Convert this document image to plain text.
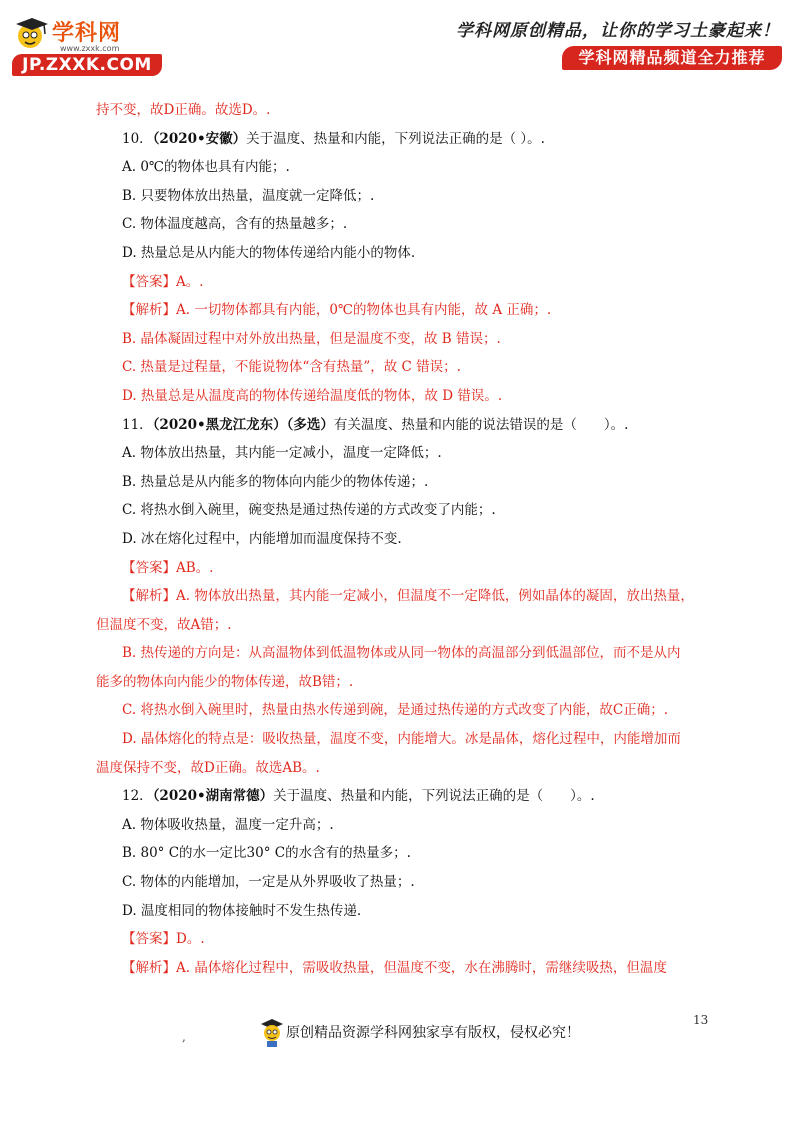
学科网
www.zxxk.com
JP.ZXXK.COM
学科网原创精品，让你的学习土豪起来！
学科网精品频道全力推荐
持不变，故D正确。故选D。.
10．（2020•安徽）关于温度、热量和内能，下列说法正确的是（ ）。.
A. 0℃的物体也具有内能；.
B. 只要物体放出热量，温度就一定降低；.
C. 物体温度越高，含有的热量越多；.
D. 热量总是从内能大的物体传递给内能小的物体.
【答案】A。.
【解析】A. 一切物体都具有内能，0℃的物体也具有内能，故 A 正确；.
B. 晶体凝固过程中对外放出热量，但是温度不变，故 B 错误；.
C. 热量是过程量，不能说物体“含有热量”，故 C 错误；.
D. 热量总是从温度高的物体传递给温度低的物体，故 D 错误。.
11．（2020•黑龙江龙东）（多选）有关温度、热量和内能的说法错误的是（　　）。.
A. 物体放出热量，其内能一定减小，温度一定降低；.
B. 热量总是从内能多的物体向内能少的物体传递；.
C. 将热水倒入碗里，碗变热是通过热传递的方式改变了内能；.
D. 冰在熔化过程中，内能增加而温度保持不变.
【答案】AB。.
【解析】A. 物体放出热量，其内能一定减小，但温度不一定降低，例如晶体的凝固，放出热量，
但温度不变，故A错；.
B. 热传递的方向是：从高温物体到低温物体或从同一物体的高温部分到低温部位，而不是从内
能多的物体向内能少的物体传递，故B错；.
C. 将热水倒入碗里时，热量由热水传递到碗，是通过热传递的方式改变了内能，故C正确；.
D. 晶体熔化的特点是：吸收热量，温度不变，内能增大。冰是晶体，熔化过程中，内能增加而
温度保持不变，故D正确。故选AB。.
12．（2020•湖南常德）关于温度、热量和内能，下列说法正确的是（　　）。.
A. 物体吸收热量，温度一定升高；.
B. 80° C的水一定比30° C的水含有的热量多；.
C. 物体的内能增加，一定是从外界吸收了热量；.
D. 温度相同的物体接触时不发生热传递.
【答案】D。.
【解析】A. 晶体熔化过程中，需吸收热量，但温度不变，水在沸腾时，需继续吸热，但温度
13
,	原创精品资源学科网独家享有版权，侵权必究！
